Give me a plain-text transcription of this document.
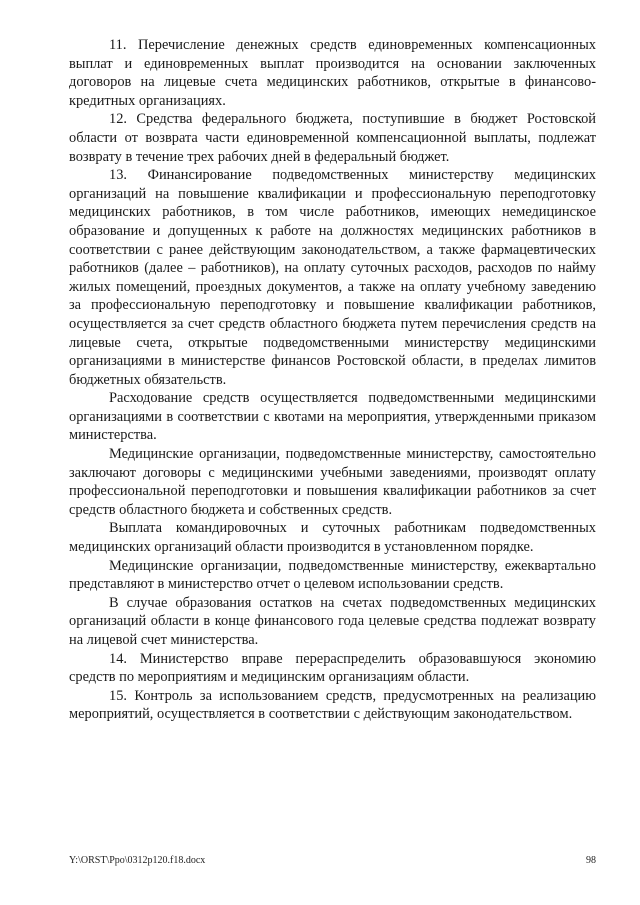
11. Перечисление денежных средств единовременных компенсационных выплат и единовременных выплат производится на основании заключенных договоров на лицевые счета медицинских работников, открытые в финансово-кредитных организациях.

12. Средства федерального бюджета, поступившие в бюджет Ростовской области от возврата части единовременной компенсационной выплаты, подлежат возврату в течение трех рабочих дней в федеральный бюджет.

13. Финансирование подведомственных министерству медицинских организаций на повышение квалификации и профессиональную переподготовку медицинских работников, в том числе работников, имеющих немедицинское образование и допущенных к работе на должностях медицинских работников в соответствии с ранее действующим законодательством, а также фармацевтических работников (далее – работников), на оплату суточных расходов, расходов по найму жилых помещений, проездных документов, а также на оплату учебному заведению за профессиональную переподготовку и повышение квалификации работников, осуществляется за счет средств областного бюджета путем перечисления средств на лицевые счета, открытые подведомственными министерству медицинскими организациями в министерстве финансов Ростовской области, в пределах лимитов бюджетных обязательств.

Расходование средств осуществляется подведомственными медицинскими организациями в соответствии с квотами на мероприятия, утвержденными приказом министерства.

Медицинские организации, подведомственные министерству, самостоятельно заключают договоры с медицинскими учебными заведениями, производят оплату профессиональной переподготовки и повышения квалификации работников за счет средств областного бюджета и собственных средств.

Выплата командировочных и суточных работникам подведомственных медицинских организаций области производится в установленном порядке.

Медицинские организации, подведомственные министерству, ежеквартально представляют в министерство отчет о целевом использовании средств.

В случае образования остатков на счетах подведомственных медицинских организаций области в конце финансового года целевые средства подлежат возврату на лицевой счет министерства.

14. Министерство вправе перераспределить образовавшуюся экономию средств по мероприятиям и медицинским организациям области.

15. Контроль за использованием средств, предусмотренных на реализацию мероприятий, осуществляется в соответствии с действующим законодательством.

Y:\ORST\Ppo\0312p120.f18.docx	98
